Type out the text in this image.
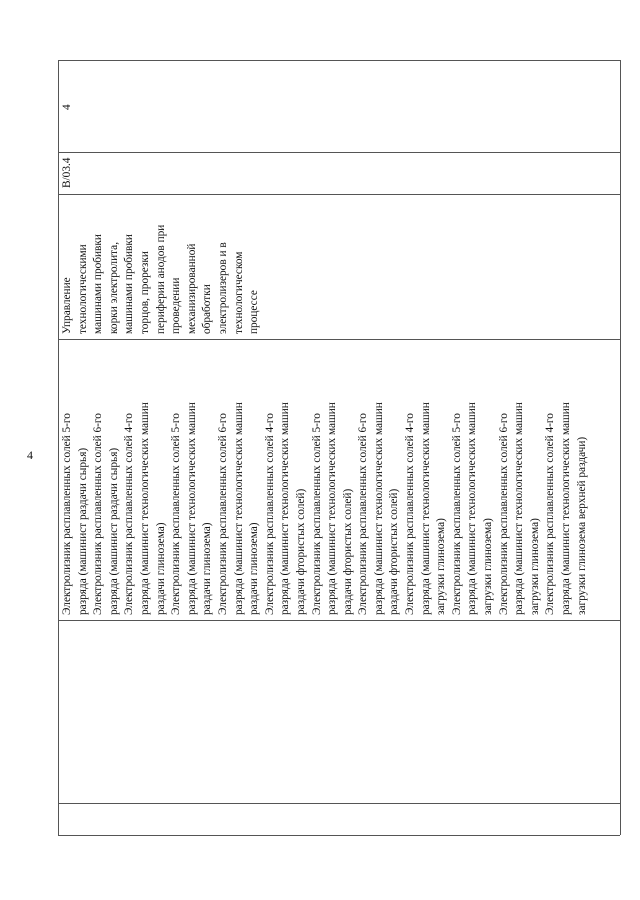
4
4
B/03.4
Управление технологическими машинами пробивки корки электролита, машинами пробивки торцов, прорезки периферии анодов при проведении механизированной обработки электролизеров и в технологическом процессе
Электролизник расплавленных солей 5-го разряда (машинист раздачи сырья) Электролизник расплавленных солей 6-го разряда (машинист раздачи сырья) Электролизник расплавленных солей 4-го разряда (машинист технологических машин раздачи глинозема) Электролизник расплавленных солей 5-го разряда (машинист технологических машин раздачи глинозема) Электролизник расплавленных солей 6-го разряда (машинист технологических машин раздачи глинозема) Электролизник расплавленных солей 4-го разряда (машинист технологических машин раздачи фтористых солей) Электролизник расплавленных солей 5-го разряда (машинист технологических машин раздачи фтористых солей) Электролизник расплавленных солей 6-го разряда (машинист технологических машин раздачи фтористых солей) Электролизник расплавленных солей 4-го разряда (машинист технологических машин загрузки глинозема) Электролизник расплавленных солей 5-го разряда (машинист технологических машин загрузки глинозема) Электролизник расплавленных солей 6-го разряда (машинист технологических машин загрузки глинозема) Электролизник расплавленных солей 4-го разряда (машинист технологических машин загрузки глинозема верхней раздачи)
